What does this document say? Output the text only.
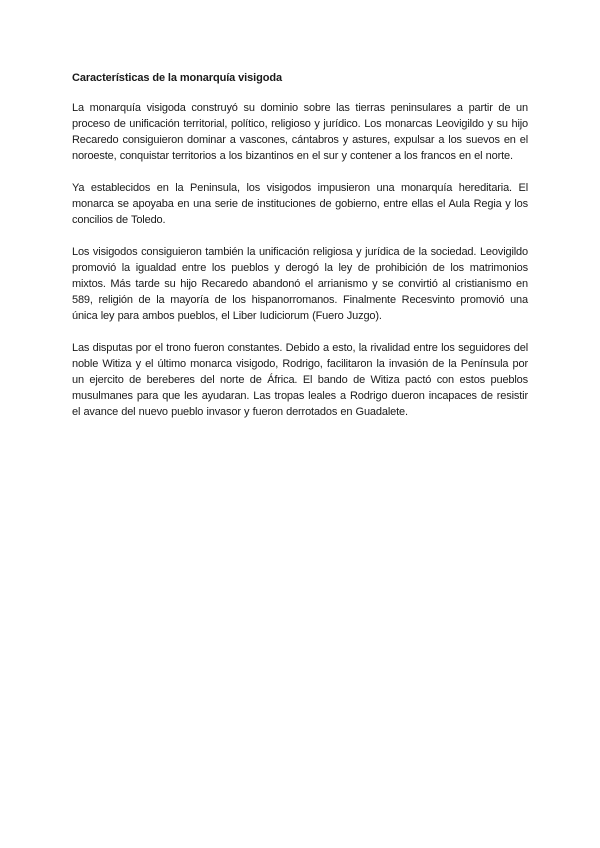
Características de la monarquía visigoda

La monarquía visigoda construyó su dominio sobre las tierras peninsulares a partir de un proceso de unificación territorial, político, religioso y jurídico. Los monarcas Leovigildo y su hijo Recaredo consiguieron dominar a vascones, cántabros y astures, expulsar a los suevos en el noroeste, conquistar territorios a los bizantinos en el sur y contener a los francos en el norte.

Ya establecidos en la Peninsula, los visigodos impusieron una monarquía hereditaria. El monarca se apoyaba en una serie de instituciones de gobierno, entre ellas el Aula Regia y los concilios de Toledo.

Los visigodos consiguieron también la unificación religiosa y jurídica de la sociedad. Leovigildo promovió la igualdad entre los pueblos y derogó la ley de prohibición de los matrimonios mixtos. Más tarde su hijo Recaredo abandonó el arrianismo y se convirtió al cristianismo en 589, religión de la mayoría de los hispanorromanos. Finalmente Recesvinto promovió una única ley para ambos pueblos, el Liber Iudiciorum (Fuero Juzgo).

Las disputas por el trono fueron constantes. Debido a esto, la rivalidad entre los seguidores del noble Witiza y el último monarca visigodo, Rodrigo, facilitaron la invasión de la Península por un ejercito de bereberes del norte de África. El bando de Witiza pactó con estos pueblos musulmanes para que les ayudaran. Las tropas leales a Rodrigo dueron incapaces de resistir el avance del nuevo pueblo invasor y fueron derrotados en Guadalete.
